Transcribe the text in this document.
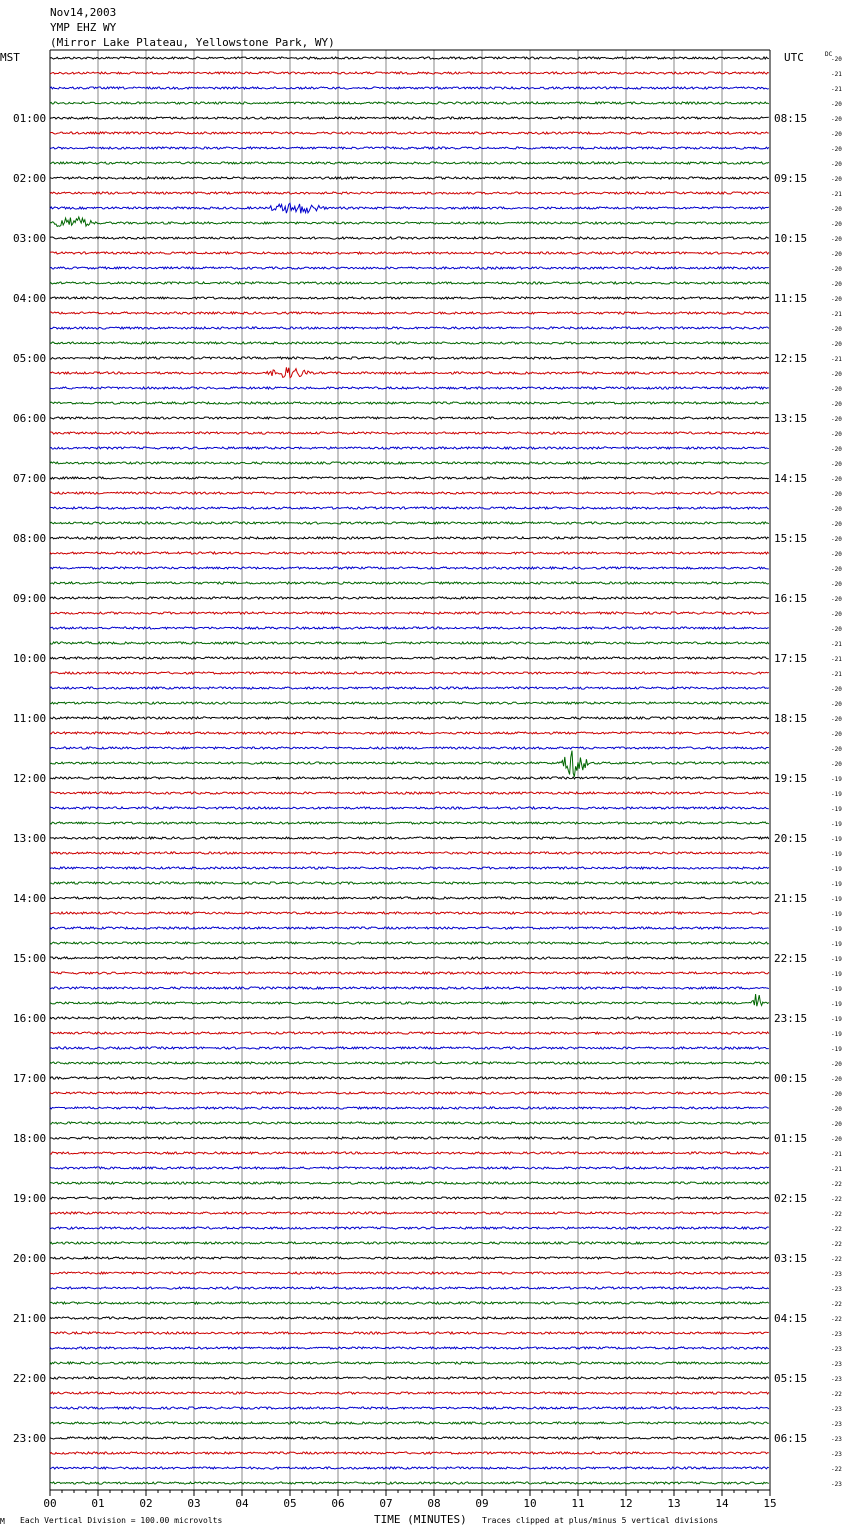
Nov14,2003
YMP EHZ WY
(Mirror Lake Plateau, Yellowstone Park, WY)
MST	UTC	DC
01:00
02:00
03:00
04:00
05:00
06:00
07:00
08:00
09:00
10:00
11:00
12:00
13:00
14:00
15:00
16:00
17:00
18:00
19:00
20:00
21:00
22:00
23:00
08:15
09:15
10:15
11:15
12:15
13:15
14:15
15:15
16:15
17:15
18:15
19:15
20:15
21:15
22:15
23:15
00:15
01:15
02:15
03:15
04:15
05:15
06:15
-20
-21
-21
-20
-20
-20
-20
-20
-20
-21
-20
-20
-20
-20
-20
-20
-20
-21
-20
-20
-21
-20
-20
-20
-20
-20
-20
-20
-20
-20
-20
-20
-20
-20
-20
-20
-20
-20
-20
-21
-21
-21
-20
-20
-20
-20
-20
-20
-19
-19
-19
-19
-19
-19
-19
-19
-19
-19
-19
-19
-19
-19
-19
-19
-19
-19
-19
-20
-20
-20
-20
-20
-20
-21
-21
-22
-22
-22
-22
-22
-22
-23
-23
-22
-22
-23
-23
-23
-23
-22
-23
-23
-23
-23
-22
-23
00	01	02	03	04	05	06	07	08	09	10	11	12	13	14	15
M Each Vertical Division = 100.00 microvolts	TIME (MINUTES) Traces clipped at plus/minus 5 vertical divisions
